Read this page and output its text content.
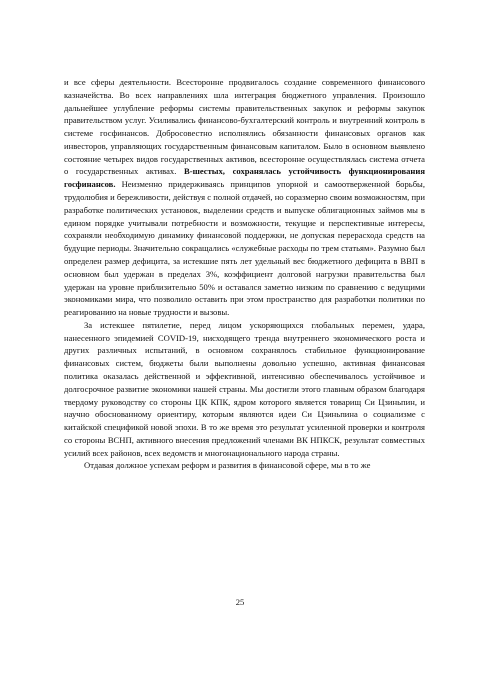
и все сферы деятельности. Всесторонне продвигалось создание современного финансового казначейства. Во всех направлениях шла интеграция бюджетного управления. Произошло дальнейшее углубление реформы системы правительственных закупок и реформы закупок правительством услуг. Усиливались финансово-бухгалтерский контроль и внутренний контроль в системе госфинансов. Добросовестно исполнялись обязанности финансовых органов как инвесторов, управляющих государственным финансовым капиталом. Было в основном выявлено состояние четырех видов государственных активов, всесторонне осуществлялась система отчета о государственных активах. В-шестых, сохранялась устойчивость функционирования госфинансов. Неизменно придерживаясь принципов упорной и самоотверженной борьбы, трудолюбия и бережливости, действуя с полной отдачей, но соразмерно своим возможностям, при разработке политических установок, выделении средств и выпуске облигационных займов мы в едином порядке учитывали потребности и возможности, текущие и перспективные интересы, сохраняли необходимую динамику финансовой поддержки, не допуская перерасхода средств на будущие периоды. Значительно сокращались «служебные расходы по трем статьям». Разумно был определен размер дефицита, за истекшие пять лет удельный вес бюджетного дефицита в ВВП в основном был удержан в пределах 3%, коэффициент долговой нагрузки правительства был удержан на уровне приблизительно 50% и оставался заметно низким по сравнению с ведущими экономиками мира, что позволило оставить при этом пространство для разработки политики по реагированию на новые трудности и вызовы.

За истекшее пятилетие, перед лицом ускоряющихся глобальных перемен, удара, нанесенного эпидемией COVID-19, нисходящего тренда внутреннего экономического роста и других различных испытаний, в основном сохранялось стабильное функционирование финансовых систем, бюджеты были выполнены довольно успешно, активная финансовая политика оказалась действенной и эффективной, интенсивно обеспечивалось устойчивое и долгосрочное развитие экономики нашей страны. Мы достигли этого главным образом благодаря твердому руководству со стороны ЦК КПК, ядром которого является товарищ Си Цзиньпин, и научно обоснованному ориентиру, которым являются идеи Си Цзиньпина о социализме с китайской спецификой новой эпохи. В то же время это результат усиленной проверки и контроля со стороны ВСНП, активного внесения предложений членами ВК НПКСК, результат совместных усилий всех районов, всех ведомств и многонационального народа страны.

Отдавая должное успехам реформ и развития в финансовой сфере, мы в то же

25
